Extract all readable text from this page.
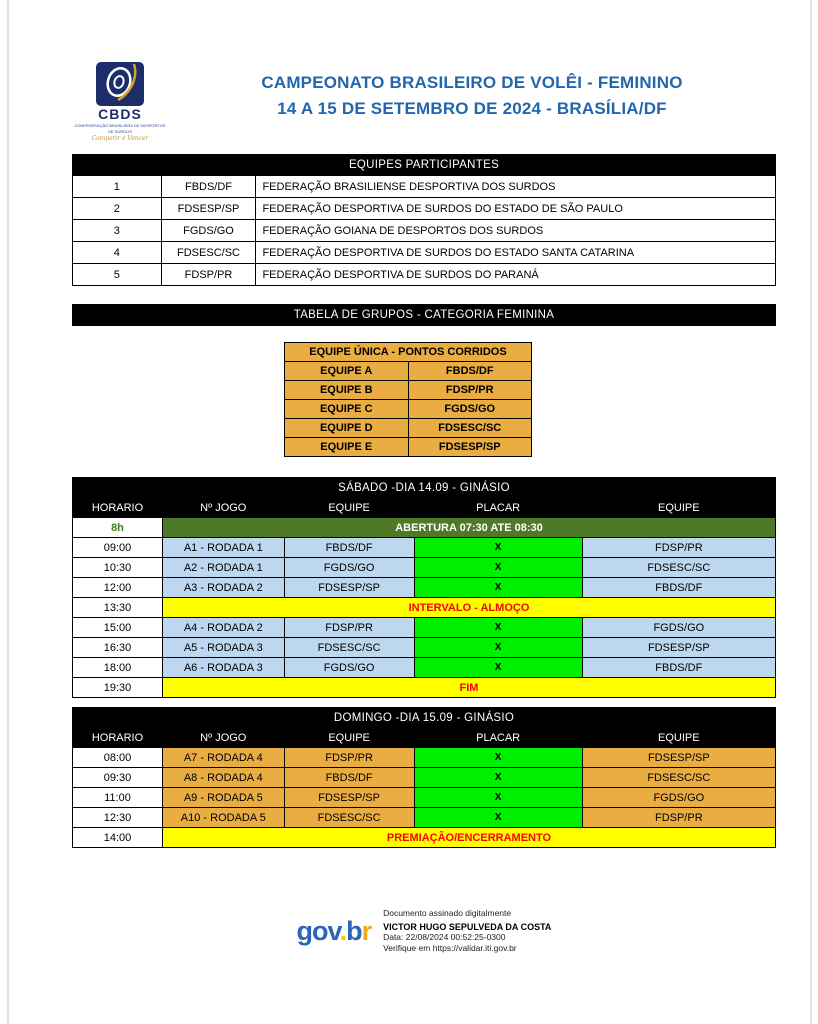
CBDS
CONFEDERAÇÃO BRASILEIRA DE DESPORTOS DE SURDOS
Competir é Vencer
CAMPEONATO BRASILEIRO DE VOLÊI - FEMININO
14 A 15 DE SETEMBRO DE 2024 - BRASÍLIA/DF
EQUIPES PARTICIPANTES		
1	FBDS/DF	FEDERAÇÃO BRASILIENSE DESPORTIVA DOS SURDOS
2	FDSESP/SP	FEDERAÇÃO DESPORTIVA DE SURDOS DO ESTADO DE SÃO PAULO
3	FGDS/GO	FEDERAÇÃO GOIANA DE DESPORTOS DOS SURDOS
4	FDSESC/SC	FEDERAÇÃO DESPORTIVA DE SURDOS DO ESTADO SANTA CATARINA
5	FDSP/PR	FEDERAÇÃO DESPORTIVA DE SURDOS DO PARANÁ
TABELA DE GRUPOS - CATEGORIA FEMININA
EQUIPE ÚNICA - PONTOS CORRIDOS	
EQUIPE A	FBDS/DF
EQUIPE B	FDSP/PR
EQUIPE C	FGDS/GO
EQUIPE D	FDSESC/SC
EQUIPE E	FDSESP/SP
SÁBADO -DIA 14.09 - GINÁSIO				
HORARIO	Nº JOGO	EQUIPE	PLACAR	EQUIPE
8h	ABERTURA 07:30 ATE 08:30			
09:00	A1 - RODADA 1	FBDS/DF	X	FDSP/PR
10:30	A2 - RODADA 1	FGDS/GO	X	FDSESC/SC
12:00	A3 - RODADA 2	FDSESP/SP	X	FBDS/DF
13:30	INTERVALO - ALMOÇO			
15:00	A4 - RODADA 2	FDSP/PR	X	FGDS/GO
16:30	A5 - RODADA 3	FDSESC/SC	X	FDSESP/SP
18:00	A6 - RODADA 3	FGDS/GO	X	FBDS/DF
19:30	FIM			
DOMINGO -DIA 15.09 - GINÁSIO				
HORARIO	Nº JOGO	EQUIPE	PLACAR	EQUIPE
08:00	A7 - RODADA 4	FDSP/PR	X	FDSESP/SP
09:30	A8 - RODADA 4	FBDS/DF	X	FDSESC/SC
11:00	A9 - RODADA 5	FDSESP/SP	X	FGDS/GO
12:30	A10 - RODADA 5	FDSESC/SC	X	FDSP/PR
14:00	PREMIAÇÃO/ENCERRAMENTO			
gov.br
Documento assinado digitalmente
VICTOR HUGO SEPULVEDA DA COSTA
Data: 22/08/2024 00:52:25-0300
Verifique em https://validar.iti.gov.br
